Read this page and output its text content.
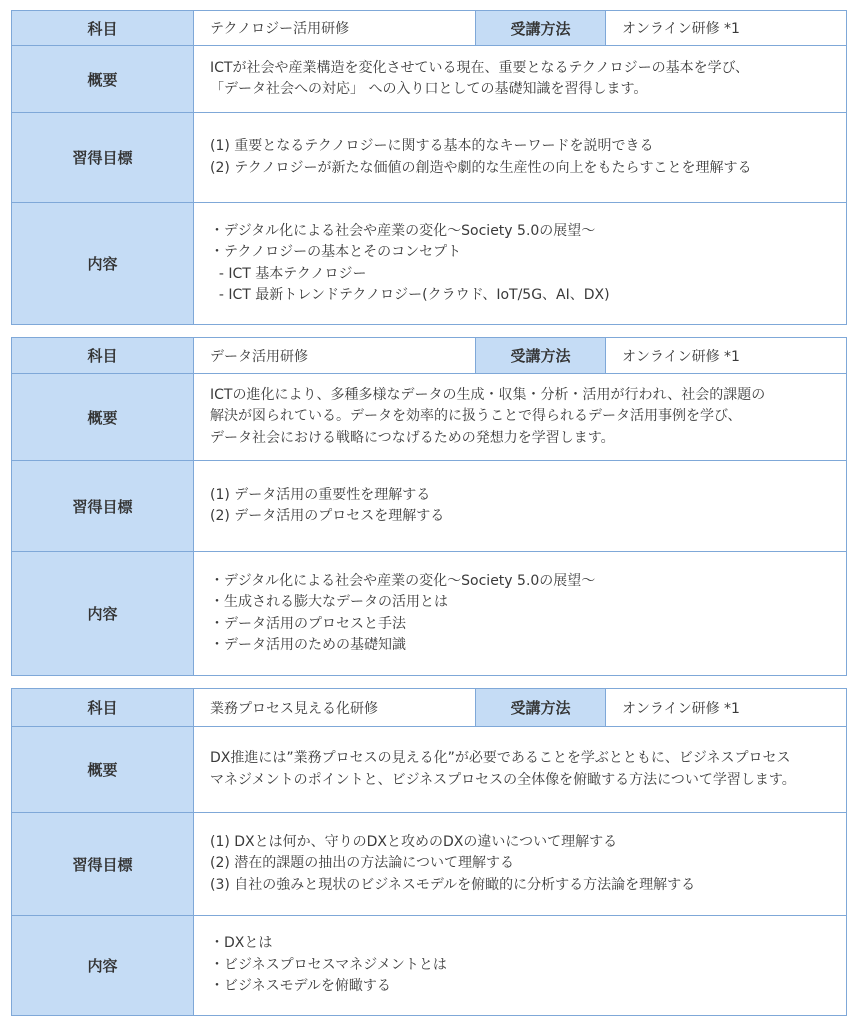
科目	テクノロジー活用研修	受講方法	オンライン研修 *1
概要	ICTが社会や産業構造を変化させている現在、重要となるテクノロジーの基本を学び、
「データ社会への対応」 への入り口としての基礎知識を習得します。		

習得目標	(1) 重要となるテクノロジーに関する基本的なキーワードを説明できる
(2) テクノロジーが新たな価値の創造や劇的な生産性の向上をもたらすことを理解する		

内容	・デジタル化による社会や産業の変化～Society 5.0の展望～
・テクノロジーの基本とそのコンセプト
- ICT 基本テクノロジー
- ICT 最新トレンドテクノロジー(クラウド、IoT/5G、AI、DX)		
科目	データ活用研修	受講方法	オンライン研修 *1
概要	ICTの進化により、多種多様なデータの生成・収集・分析・活用が行われ、社会的課題の
解決が図られている。データを効率的に扱うことで得られるデータ活用事例を学び、
データ社会における戦略につなげるための発想力を学習します。		

習得目標	(1) データ活用の重要性を理解する
(2) データ活用のプロセスを理解する		

内容	・デジタル化による社会や産業の変化～Society 5.0の展望～
・生成される膨大なデータの活用とは
・データ活用のプロセスと手法
・データ活用のための基礎知識		
科目	業務プロセス見える化研修	受講方法	オンライン研修 *1
概要	DX推進には”業務プロセスの見える化”が必要であることを学ぶとともに、ビジネスプロセス
マネジメントのポイントと、ビジネスプロセスの全体像を俯瞰する方法について学習します。		

習得目標	(1) DXとは何か、守りのDXと攻めのDXの違いについて理解する
(2) 潜在的課題の抽出の方法論について理解する
(3) 自社の強みと現状のビジネスモデルを俯瞰的に分析する方法論を理解する		

内容	・DXとは
・ビジネスプロセスマネジメントとは
・ビジネスモデルを俯瞰する		
